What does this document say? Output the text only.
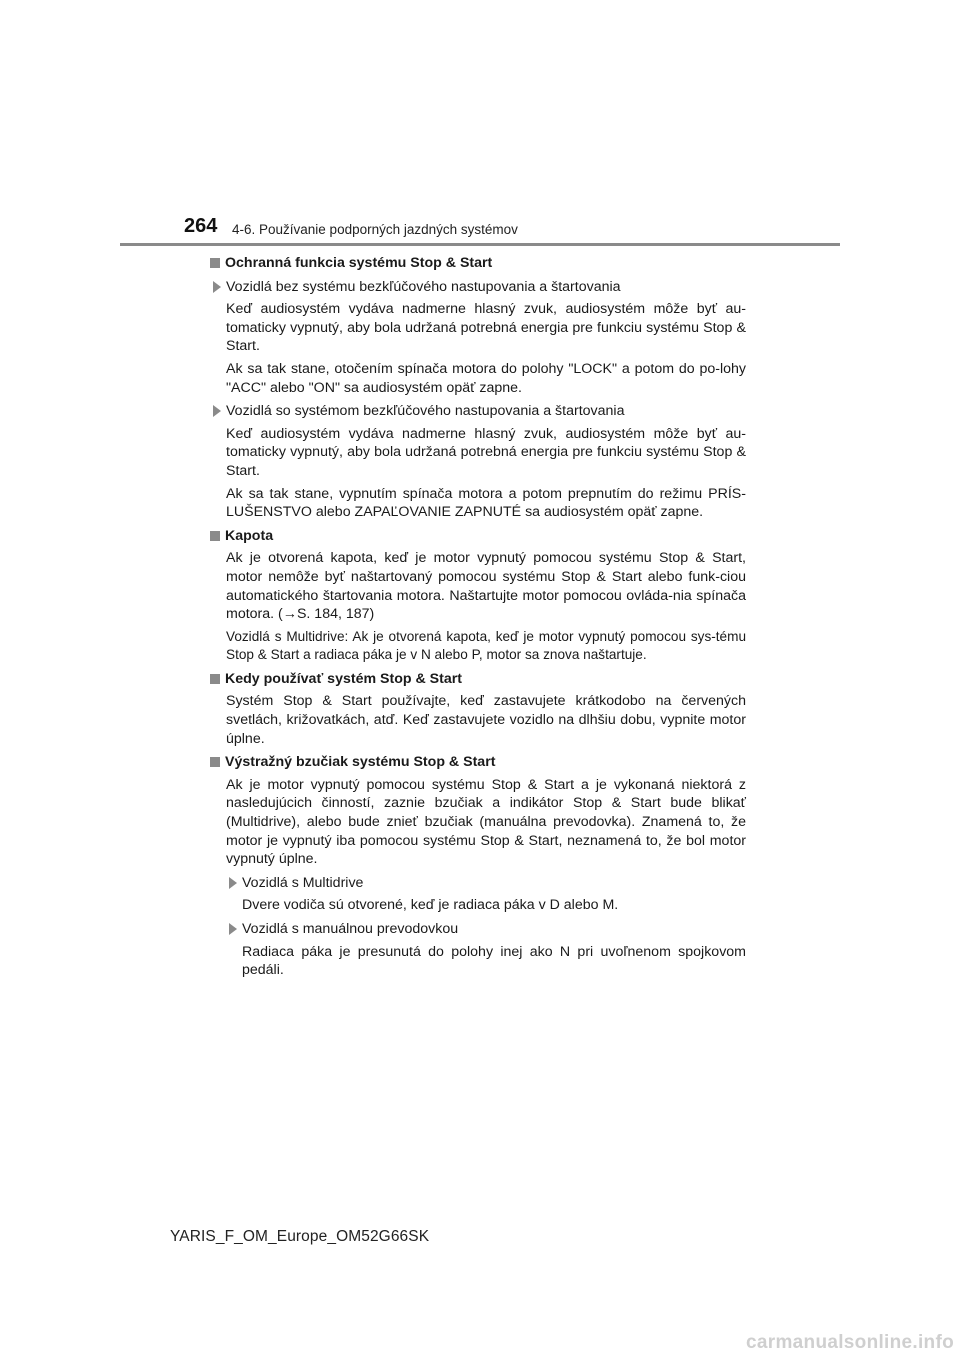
264 4-6. Používanie podporných jazdných systémov
Ochranná funkcia systému Stop & Start
Vozidlá bez systému bezkľúčového nastupovania a štartovania
Keď audiosystém vydáva nadmerne hlasný zvuk, audiosystém môže byť au-tomaticky vypnutý, aby bola udržaná potrebná energia pre funkciu systému Stop & Start.
Ak sa tak stane, otočením spínača motora do polohy "LOCK" a potom do po-lohy "ACC" alebo "ON" sa audiosystém opäť zapne.
Vozidlá so systémom bezkľúčového nastupovania a štartovania
Keď audiosystém vydáva nadmerne hlasný zvuk, audiosystém môže byť au-tomaticky vypnutý, aby bola udržaná potrebná energia pre funkciu systému Stop & Start.
Ak sa tak stane, vypnutím spínača motora a potom prepnutím do režimu PRÍS-LUŠENSTVO alebo ZAPAĽOVANIE ZAPNUTÉ sa audiosystém opäť zapne.
Kapota
Ak je otvorená kapota, keď je motor vypnutý pomocou systému Stop & Start, motor nemôže byť naštartovaný pomocou systému Stop & Start alebo funk-ciou automatického štartovania motora. Naštartujte motor pomocou ovláda-nia spínača motora. (→S. 184, 187)
Vozidlá s Multidrive: Ak je otvorená kapota, keď je motor vypnutý pomocou sys-tému Stop & Start a radiaca páka je v N alebo P, motor sa znova naštartuje.
Kedy používať systém Stop & Start
Systém Stop & Start používajte, keď zastavujete krátkodobo na červených svetlách, križovatkách, atď. Keď zastavujete vozidlo na dlhšiu dobu, vypnite motor úplne.
Výstražný bzučiak systému Stop & Start
Ak je motor vypnutý pomocou systému Stop & Start a je vykonaná niektorá z nasledujúcich činností, zaznie bzučiak a indikátor Stop & Start bude blikať (Multidrive), alebo bude znieť bzučiak (manuálna prevodovka). Znamená to, že motor je vypnutý iba pomocou systému Stop & Start, neznamená to, že bol motor vypnutý úplne.
Vozidlá s Multidrive
Dvere vodiča sú otvorené, keď je radiaca páka v D alebo M.
Vozidlá s manuálnou prevodovkou
Radiaca páka je presunutá do polohy inej ako N pri uvoľnenom spojkovom pedáli.
YARIS_F_OM_Europe_OM52G66SK
carmanualsonline.info
